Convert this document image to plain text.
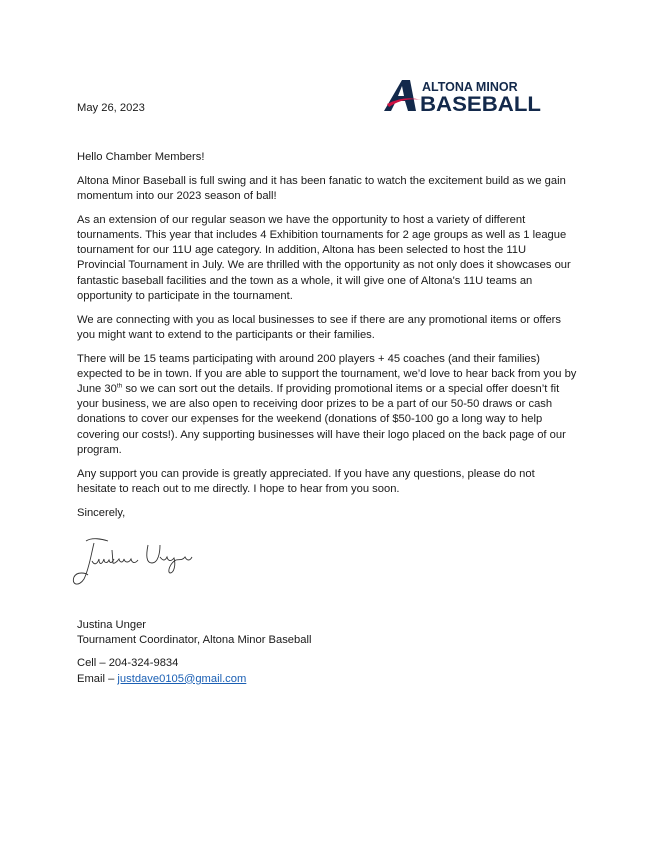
ALTONA MINOR
BASEBALL
May 26, 2023

Hello Chamber Members!

Altona Minor Baseball is full swing and it has been fanatic to watch the excitement build as we gain momentum into our 2023 season of ball!

As an extension of our regular season we have the opportunity to host a variety of different tournaments. This year that includes 4 Exhibition tournaments for 2 age groups as well as 1 league tournament for our 11U age category. In addition, Altona has been selected to host the 11U Provincial Tournament in July. We are thrilled with the opportunity as not only does it showcases our fantastic baseball facilities and the town as a whole, it will give one of Altona's 11U teams an opportunity to participate in the tournament.

We are connecting with you as local businesses to see if there are any promotional items or offers you might want to extend to the participants or their families.

There will be 15 teams participating with around 200 players + 45 coaches (and their families) expected to be in town. If you are able to support the tournament, we’d love to hear back from you by June 30th so we can sort out the details. If providing promotional items or a special offer doesn’t fit your business, we are also open to receiving door prizes to be a part of our 50-50 draws or cash donations to cover our expenses for the weekend (donations of $50-100 go a long way to help covering our costs!). Any supporting businesses will have their logo placed on the back page of our program.

Any support you can provide is greatly appreciated. If you have any questions, please do not hesitate to reach out to me directly. I hope to hear from you soon.

Sincerely,

Justina Unger

Tournament Coordinator, Altona Minor Baseball

Cell – 204-324-9834

Email – justdave0105@gmail.com
